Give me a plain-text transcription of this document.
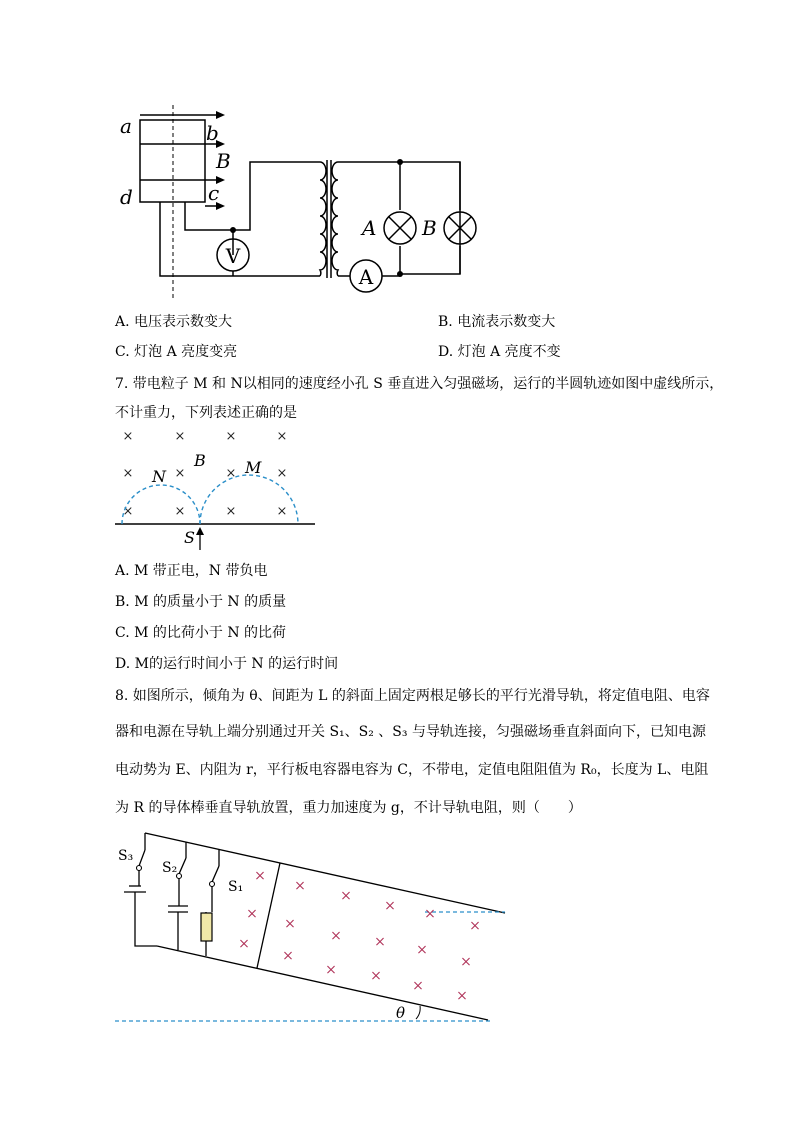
a	b
B
c
d
V
A
A B
A. 电压表示数变大	B. 电流表示数变大
C. 灯泡 A 亮度变亮	D. 灯泡 A 亮度不变
7. 带电粒子 M 和 N以相同的速度经小孔 S 垂直进入匀强磁场，运行的半圆轨迹如图中虚线所示，
不计重力，下列表述正确的是
×	×	×	×
×	×	×	×
×	×	×	×
B
N	M
S
A. M 带正电，N 带负电
B. M 的质量小于 N 的质量
C. M 的比荷小于 N 的比荷
D. M的运行时间小于 N 的运行时间
8. 如图所示，倾角为 θ、间距为 L 的斜面上固定两根足够长的平行光滑导轨，将定值电阻、电容
器和电源在导轨上端分别通过开关 S₁、S₂ 、S₃ 与导轨连接，匀强磁场垂直斜面向下，已知电源
电动势为 E、内阻为 r，平行板电容器电容为 C，不带电，定值电阻阻值为 R₀，长度为 L、电阻
为 R 的导体棒垂直导轨放置，重力加速度为 g，不计导轨电阻，则（　　）
×
×
×
×
×
× ×
×
×
× × ×
×
×
× ×
×
×
S₃
S₂
S₁
θ
